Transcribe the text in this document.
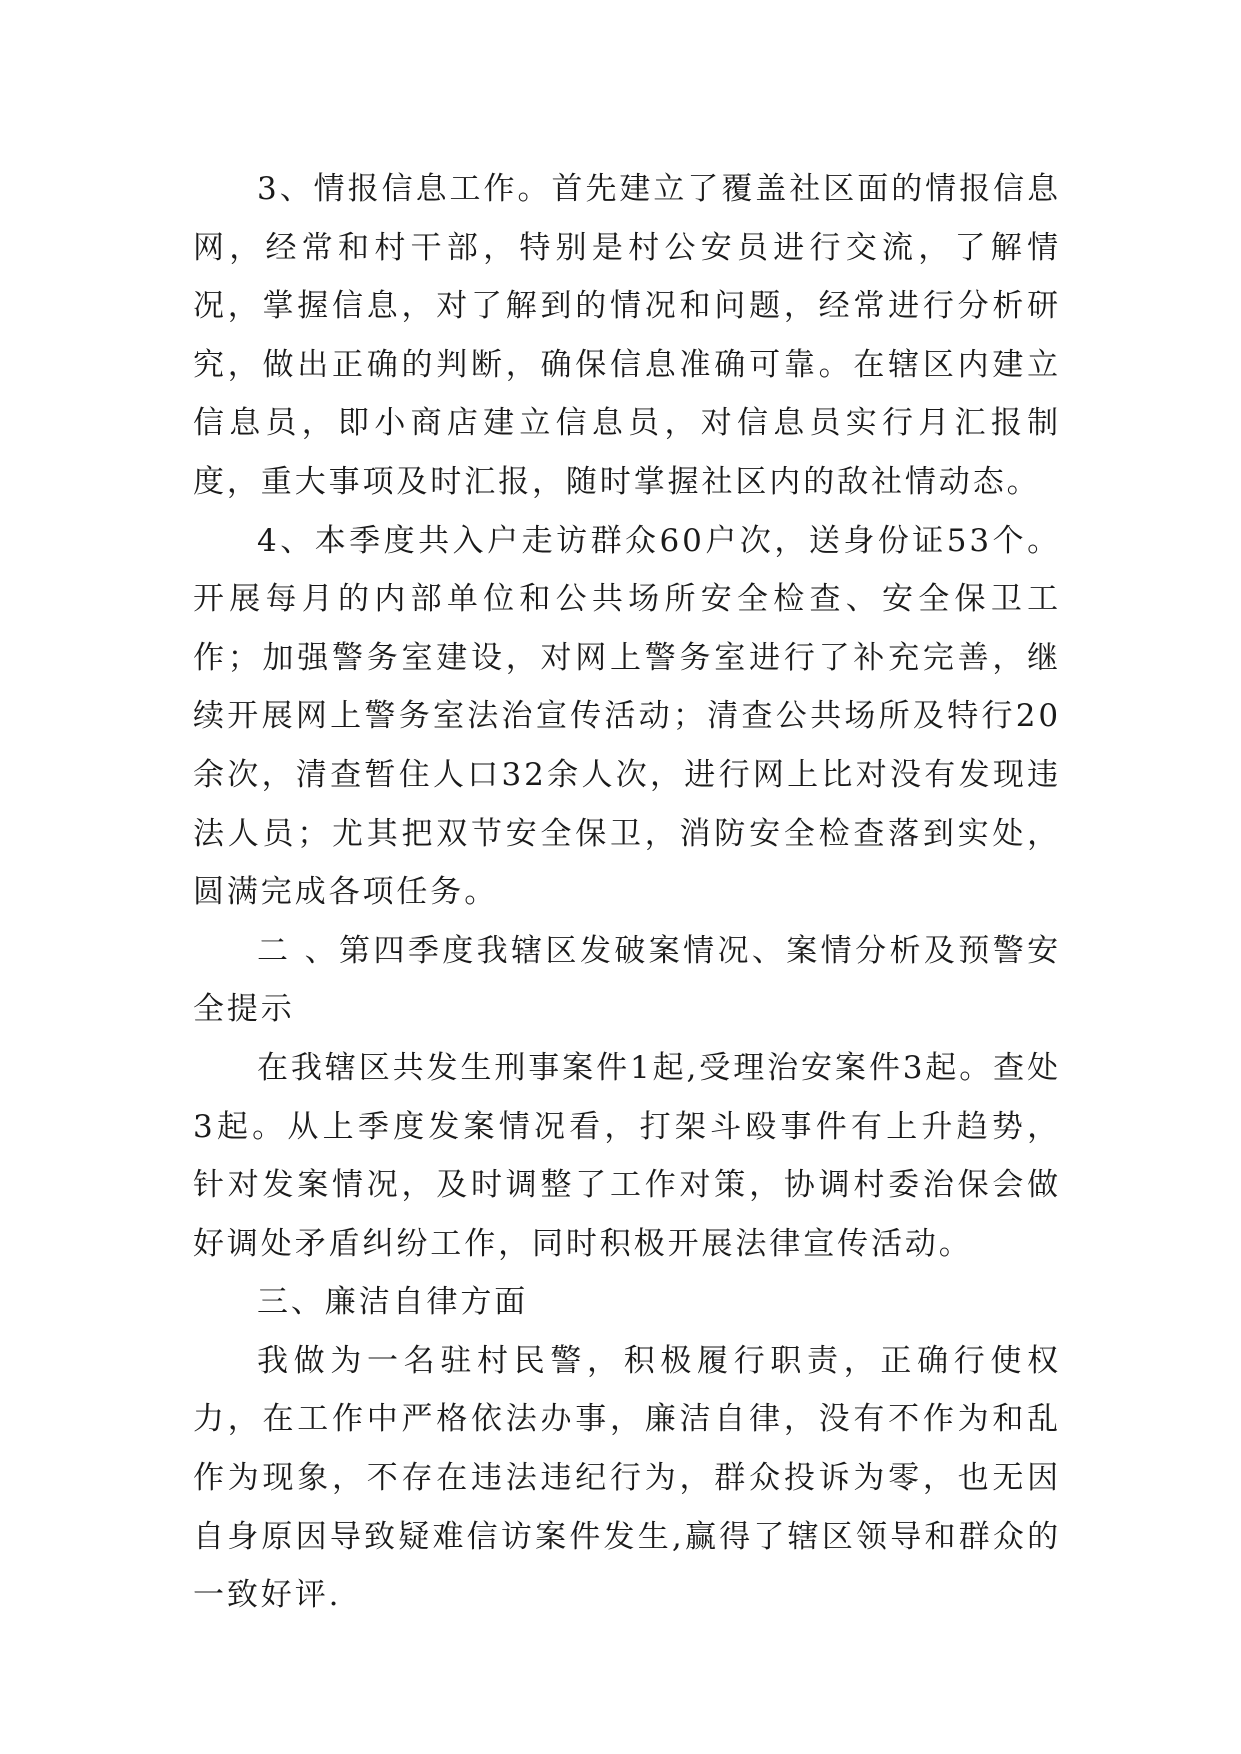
3、情报信息工作。首先建立了覆盖社区面的情报信息网，经常和村干部，特别是村公安员进行交流，了解情况，掌握信息，对了解到的情况和问题，经常进行分析研究，做出正确的判断，确保信息准确可靠。在辖区内建立信息员，即小商店建立信息员，对信息员实行月汇报制度，重大事项及时汇报，随时掌握社区内的敌社情动态。

4、本季度共入户走访群众60户次，送身份证53个。开展每月的内部单位和公共场所安全检查、安全保卫工作；加强警务室建设，对网上警务室进行了补充完善，继续开展网上警务室法治宣传活动；清查公共场所及特行20余次，清查暂住人口32余人次，进行网上比对没有发现违法人员；尤其把双节安全保卫，消防安全检查落到实处，圆满完成各项任务。

二 、第四季度我辖区发破案情况、案情分析及预警安全提示

在我辖区共发生刑事案件1起,受理治安案件3起。查处3起。从上季度发案情况看，打架斗殴事件有上升趋势，针对发案情况，及时调整了工作对策，协调村委治保会做好调处矛盾纠纷工作，同时积极开展法律宣传活动。

三、廉洁自律方面

我做为一名驻村民警，积极履行职责，正确行使权力，在工作中严格依法办事，廉洁自律，没有不作为和乱作为现象，不存在违法违纪行为，群众投诉为零，也无因自身原因导致疑难信访案件发生,赢得了辖区领导和群众的一致好评.
